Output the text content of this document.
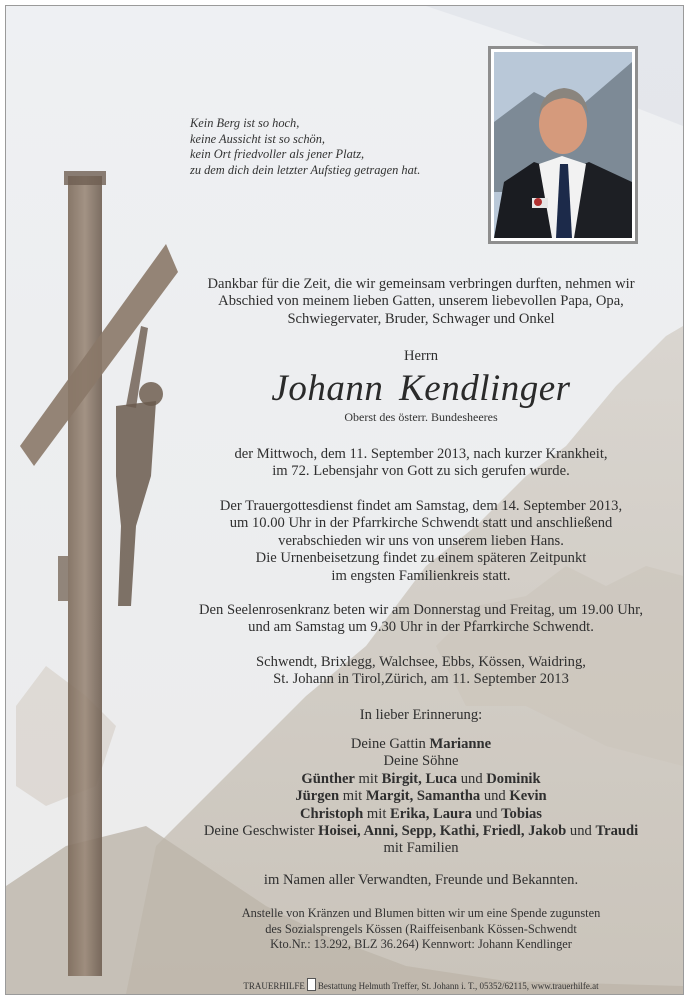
Kein Berg ist so hoch,
keine Aussicht ist so schön,
kein Ort friedvoller als jener Platz,
zu dem dich dein letzter Aufstieg getragen hat.
Dankbar für die Zeit, die wir gemeinsam verbringen durften, nehmen wir
Abschied von meinem lieben Gatten, unserem liebevollen Papa, Opa,
Schwiegervater, Bruder, Schwager und Onkel
Herrn
Johann Kendlinger
Oberst des österr. Bundesheeres
der Mittwoch, dem 11. September 2013, nach kurzer Krankheit,
im 72. Lebensjahr von Gott zu sich gerufen wurde.
Der Trauergottesdienst findet am Samstag, dem 14. September 2013,
um 10.00 Uhr in der Pfarrkirche Schwendt statt und anschließend
verabschieden wir uns von unserem lieben Hans.
Die Urnenbeisetzung findet zu einem späteren Zeitpunkt
im engsten Familienkreis statt.
Den Seelenrosenkranz beten wir am Donnerstag und Freitag, um 19.00 Uhr,
und am Samstag um 9.30 Uhr in der Pfarrkirche Schwendt.
Schwendt, Brixlegg, Walchsee, Ebbs, Kössen, Waidring,
St. Johann in Tirol,Zürich, am 11. September 2013
In lieber Erinnerung:
Deine Gattin Marianne
Deine Söhne
Günther mit Birgit, Luca und Dominik
Jürgen mit Margit, Samantha und Kevin
Christoph mit Erika, Laura und Tobias
Deine Geschwister Hoisei, Anni, Sepp, Kathi, Friedl, Jakob und Traudi
mit Familien
im Namen aller Verwandten, Freunde und Bekannten.
Anstelle von Kränzen und Blumen bitten wir um eine Spende zugunsten
des Sozialsprengels Kössen (Raiffeisenbank Kössen-Schwendt
Kto.Nr.: 13.292, BLZ 36.264) Kennwort: Johann Kendlinger
TRAUERHILFE Bestattung Helmuth Treffer, St. Johann i. T., 05352/62115, www.trauerhilfe.at
